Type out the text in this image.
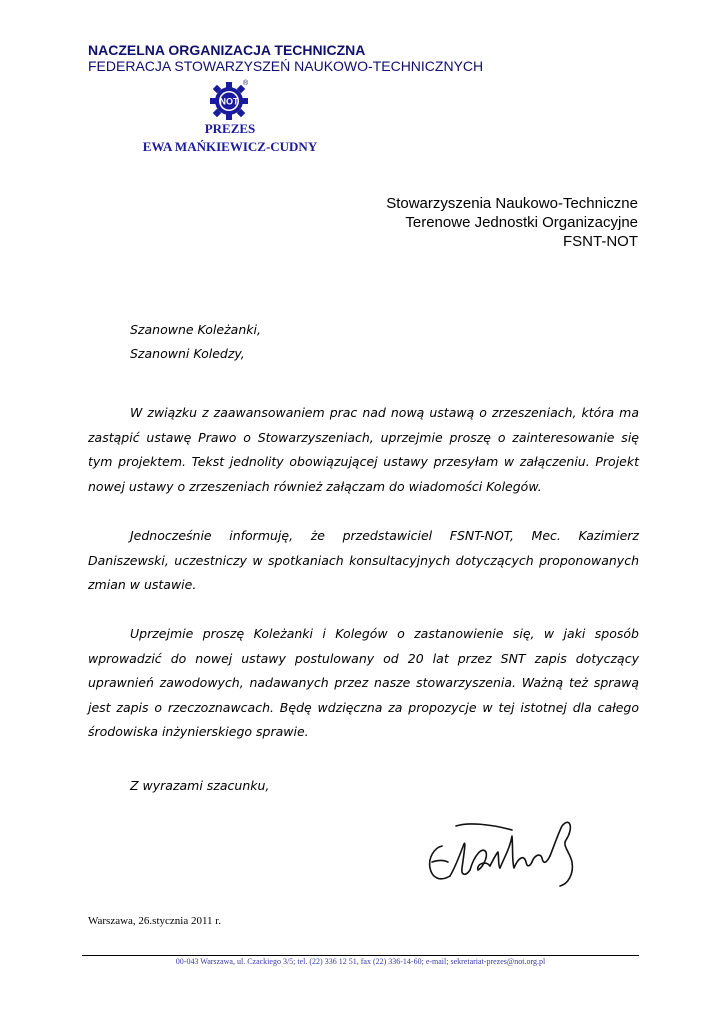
NACZELNA ORGANIZACJA TECHNICZNA

FEDERACJA STOWARZYSZEŃ NAUKOWO-TECHNICZNYCH

NOT
®
PREZES
EWA MAŃKIEWICZ-CUDNY
Stowarzyszenia Naukowo-Techniczne
Terenowe Jednostki Organizacyjne
FSNT-NOT
Szanowne Koleżanki,
Szanowni Koledzy,

W związku z zaawansowaniem prac nad nową ustawą o zrzeszeniach, która ma zastąpić ustawę Prawo o Stowarzyszeniach, uprzejmie proszę o zainteresowanie się tym projektem. Tekst jednolity obowiązującej ustawy przesyłam w załączeniu. Projekt nowej ustawy o zrzeszeniach również załączam do wiadomości Kolegów.

Jednocześnie informuję, że przedstawiciel FSNT-NOT, Mec. Kazimierz Daniszewski, uczestniczy w spotkaniach konsultacyjnych dotyczących proponowanych zmian w ustawie.

Uprzejmie proszę Koleżanki i Kolegów o zastanowienie się, w jaki sposób wprowadzić do nowej ustawy postulowany od 20 lat przez SNT zapis dotyczący uprawnień zawodowych, nadawanych przez nasze stowarzyszenia. Ważną też sprawą jest zapis o rzeczoznawcach. Będę wdzięczna za propozycje w tej istotnej dla całego środowiska inżynierskiego sprawie.

Z wyrazami szacunku,
Warszawa, 26.stycznia 2011 r.
00-043 Warszawa, ul. Czackiego 3/5; tel. (22) 336 12 51, fax (22) 336-14-60; e-mail; sekretariat-prezes@not.org.pl
